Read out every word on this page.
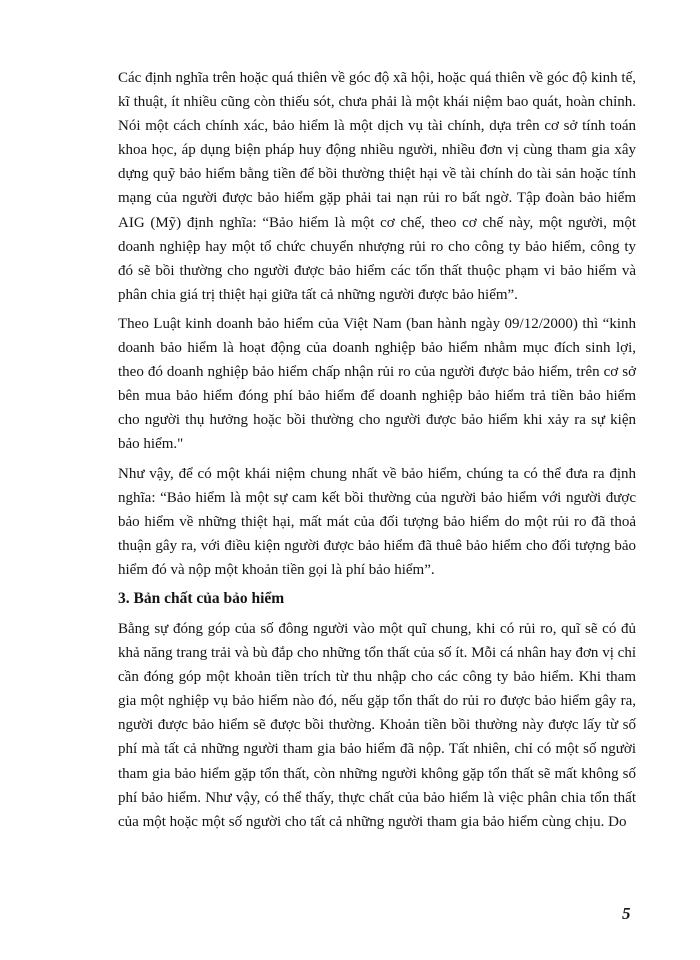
Các định nghĩa trên hoặc quá thiên về góc độ xã hội, hoặc quá thiên về góc độ kinh tế, kĩ thuật, ít nhiều cũng còn thiếu sót, chưa phải là một khái niệm bao quát, hoàn chỉnh. Nói một cách chính xác, bảo hiểm là một dịch vụ tài chính, dựa trên cơ sở tính toán khoa học, áp dụng biện pháp huy động nhiều người, nhiều đơn vị cùng tham gia xây dựng quỹ bảo hiểm bằng tiền để bồi thường thiệt hại về tài chính do tài sản hoặc tính mạng của người được bảo hiểm gặp phải tai nạn rủi ro bất ngờ. Tập đoàn bảo hiểm AIG (Mỹ) định nghĩa: “Bảo hiểm là một cơ chế, theo cơ chế này, một người, một doanh nghiệp hay một tổ chức chuyển nhượng rủi ro cho công ty bảo hiểm, công ty đó sẽ bồi thường cho người được bảo hiểm các tổn thất thuộc phạm vi bảo hiểm và phân chia giá trị thiệt hại giữa tất cả những người được bảo hiểm”.

Theo Luật kinh doanh bảo hiểm của Việt Nam (ban hành ngày 09/12/2000) thì “kinh doanh bảo hiểm là hoạt động của doanh nghiệp bảo hiểm nhằm mục đích sinh lợi, theo đó doanh nghiệp bảo hiểm chấp nhận rủi ro của người được bảo hiểm, trên cơ sở bên mua bảo hiểm đóng phí bảo hiểm để doanh nghiệp bảo hiểm trả tiền bảo hiểm cho người thụ hưởng hoặc bồi thường cho người được bảo hiểm khi xảy ra sự kiện bảo hiểm."

Như vậy, để có một khái niệm chung nhất về bảo hiểm, chúng ta có thể đưa ra định nghĩa: “Bảo hiểm là một sự cam kết bồi thường của người bảo hiểm với người được bảo hiểm về những thiệt hại, mất mát của đối tượng bảo hiểm do một rủi ro đã thoả thuận gây ra, với điều kiện người được bảo hiểm đã thuê bảo hiểm cho đối tượng bảo hiểm đó và nộp một khoản tiền gọi là phí bảo hiểm”.

3. Bản chất của bảo hiểm

Bằng sự đóng góp của số đông người vào một quĩ chung, khi có rủi ro, quĩ sẽ có đủ khả năng trang trải và bù đắp cho những tổn thất của số ít. Mỗi cá nhân hay đơn vị chỉ cần đóng góp một khoản tiền trích từ thu nhập cho các công ty bảo hiểm. Khi tham gia một nghiệp vụ bảo hiểm nào đó, nếu gặp tổn thất do rủi ro được bảo hiểm gây ra, người được bảo hiểm sẽ được bồi thường. Khoản tiền bồi thường này được lấy từ số phí mà tất cả những người tham gia bảo hiểm đã nộp. Tất nhiên, chỉ có một số người tham gia bảo hiểm gặp tổn thất, còn những người không gặp tổn thất sẽ mất không số phí bảo hiểm. Như vậy, có thể thấy, thực chất của bảo hiểm là việc phân chia tổn thất của một hoặc một số người cho tất cả những người tham gia bảo hiểm cùng chịu. Do

5
